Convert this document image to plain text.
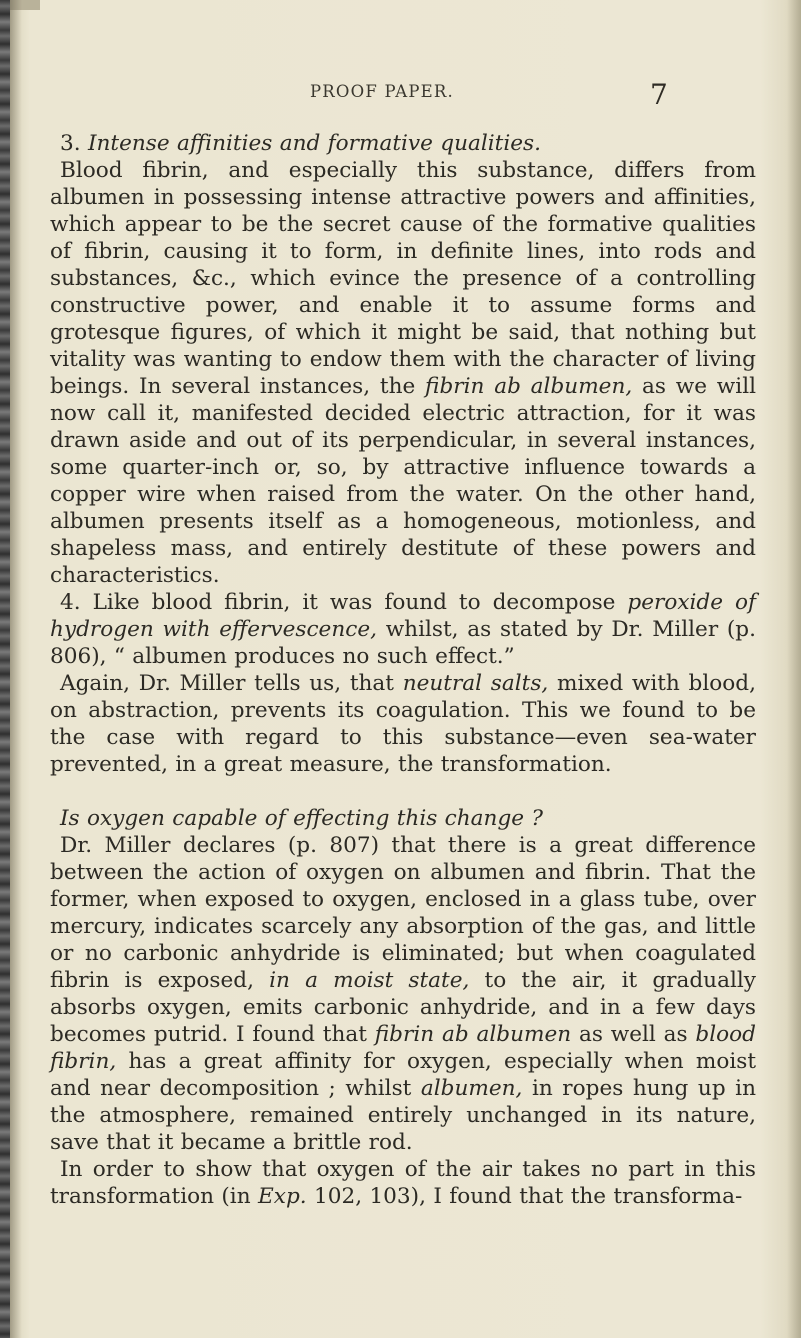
PROOF PAPER.	7

3. Intense affinities and formative qualities.

Blood fibrin, and especially this substance, differs from albumen in possessing intense attractive powers and affinities, which appear to be the secret cause of the formative qualities of fibrin, causing it to form, in definite lines, into rods and substances, &c., which evince the presence of a controlling constructive power, and enable it to assume forms and grotesque figures, of which it might be said, that nothing but vitality was wanting to endow them with the character of living beings. In several instances, the fibrin ab albumen, as we will now call it, manifested decided electric attraction, for it was drawn aside and out of its perpendicular, in several instances, some quarter-inch or, so, by attractive influence towards a copper wire when raised from the water. On the other hand, albumen presents itself as a homogeneous, motionless, and shapeless mass, and entirely destitute of these powers and characteristics.

4. Like blood fibrin, it was found to decompose peroxide of hydrogen with effervescence, whilst, as stated by Dr. Miller (p. 806), “ albumen produces no such effect.”

Again, Dr. Miller tells us, that neutral salts, mixed with blood, on abstraction, prevents its coagulation. This we found to be the case with regard to this substance—even sea-water prevented, in a great measure, the transformation.

Is oxygen capable of effecting this change ?

Dr. Miller declares (p. 807) that there is a great difference between the action of oxygen on albumen and fibrin. That the former, when exposed to oxygen, enclosed in a glass tube, over mercury, indicates scarcely any absorption of the gas, and little or no carbonic anhydride is eliminated; but when coagulated fibrin is exposed, in a moist state, to the air, it gradually absorbs oxygen, emits carbonic anhydride, and in a few days becomes putrid. I found that fibrin ab albumen as well as blood fibrin, has a great affinity for oxygen, especially when moist and near decomposition ; whilst albumen, in ropes hung up in the atmosphere, remained entirely unchanged in its nature, save that it became a brittle rod.

In order to show that oxygen of the air takes no part in this transformation (in Exp. 102, 103), I found that the transforma-
